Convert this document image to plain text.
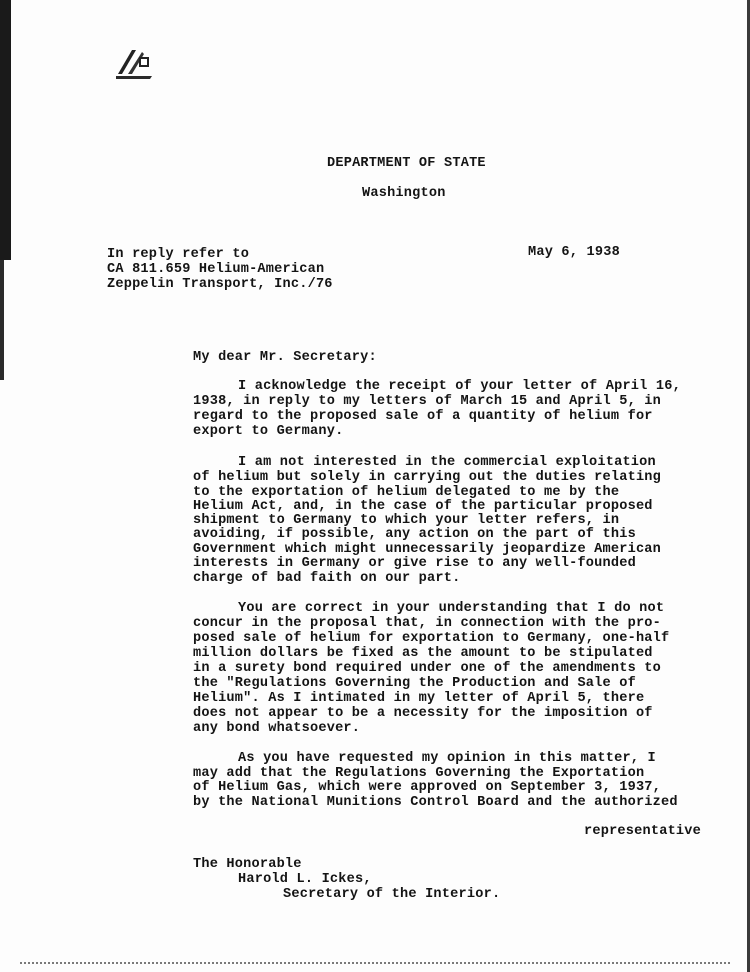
DEPARTMENT OF STATE
Washington
In reply refer to
CA 811.659 Helium-American
Zeppelin Transport, Inc./76
May 6, 1938
My dear Mr. Secretary:
I acknowledge the receipt of your letter of April 16,
1938, in reply to my letters of March 15 and April 5, in
regard to the proposed sale of a quantity of helium for
export to Germany.
I am not interested in the commercial exploitation
of helium but solely in carrying out the duties relating
to the exportation of helium delegated to me by the
Helium Act, and, in the case of the particular proposed
shipment to Germany to which your letter refers, in
avoiding, if possible, any action on the part of this
Government which might unnecessarily jeopardize American
interests in Germany or give rise to any well-founded
charge of bad faith on our part.
You are correct in your understanding that I do not
concur in the proposal that, in connection with the pro-
posed sale of helium for exportation to Germany, one-half
million dollars be fixed as the amount to be stipulated
in a surety bond required under one of the amendments to
the "Regulations Governing the Production and Sale of
Helium". As I intimated in my letter of April 5, there
does not appear to be a necessity for the imposition of
any bond whatsoever.
As you have requested my opinion in this matter, I
may add that the Regulations Governing the Exportation
of Helium Gas, which were approved on September 3, 1937,
by the National Munitions Control Board and the authorized
representative
The Honorable
Harold L. Ickes,
Secretary of the Interior.
